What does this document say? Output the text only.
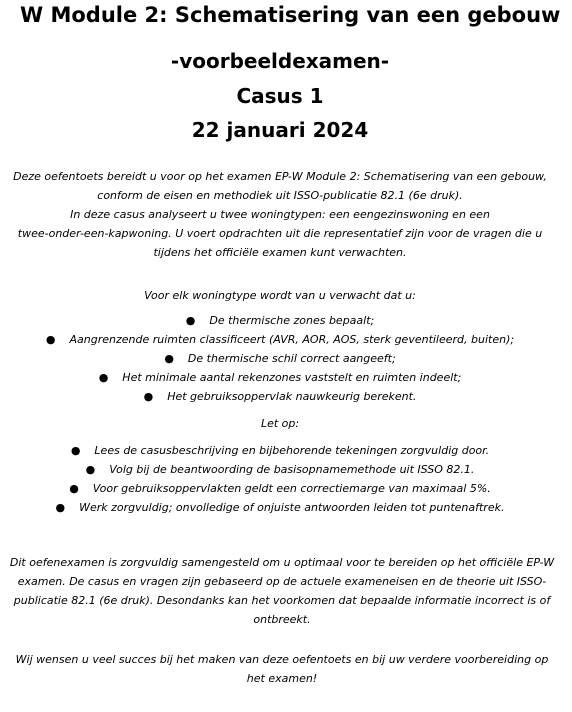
W Module 2: Schematisering van een gebouw
-voorbeeldexamen-
Casus 1
22 januari 2024

Deze oefentoets bereidt u voor op het examen EP-W Module 2: Schematisering van een gebouw,

conform de eisen en methodiek uit ISSO-publicatie 82.1 (6e druk).

In deze casus analyseert u twee woningtypen: een eengezinswoning en een

twee-onder-een-kapwoning. U voert opdrachten uit die representatief zijn voor de vragen die u

tijdens het officiële examen kunt verwachten.

Voor elk woningtype wordt van u verwacht dat u:

● De thermische zones bepaalt;
● Aangrenzende ruimten classificeert (AVR, AOR, AOS, sterk geventileerd, buiten);
● De thermische schil correct aangeeft;
● Het minimale aantal rekenzones vaststelt en ruimten indeelt;
● Het gebruiksoppervlak nauwkeurig berekent.

Let op:

● Lees de casusbeschrijving en bijbehorende tekeningen zorgvuldig door.
● Volg bij de beantwoording de basisopnamemethode uit ISSO 82.1.
● Voor gebruiksoppervlakten geldt een correctiemarge van maximaal 5%.
● Werk zorgvuldig; onvolledige of onjuiste antwoorden leiden tot puntenaftrek.

Dit oefenexamen is zorgvuldig samengesteld om u optimaal voor te bereiden op het officiële EP-W examen. De casus en vragen zijn gebaseerd op de actuele exameneisen en de theorie uit ISSO-publicatie 82.1 (6e druk). Desondanks kan het voorkomen dat bepaalde informatie incorrect is of ontbreekt.

Wij wensen u veel succes bij het maken van deze oefentoets en bij uw verdere voorbereiding op het examen!
